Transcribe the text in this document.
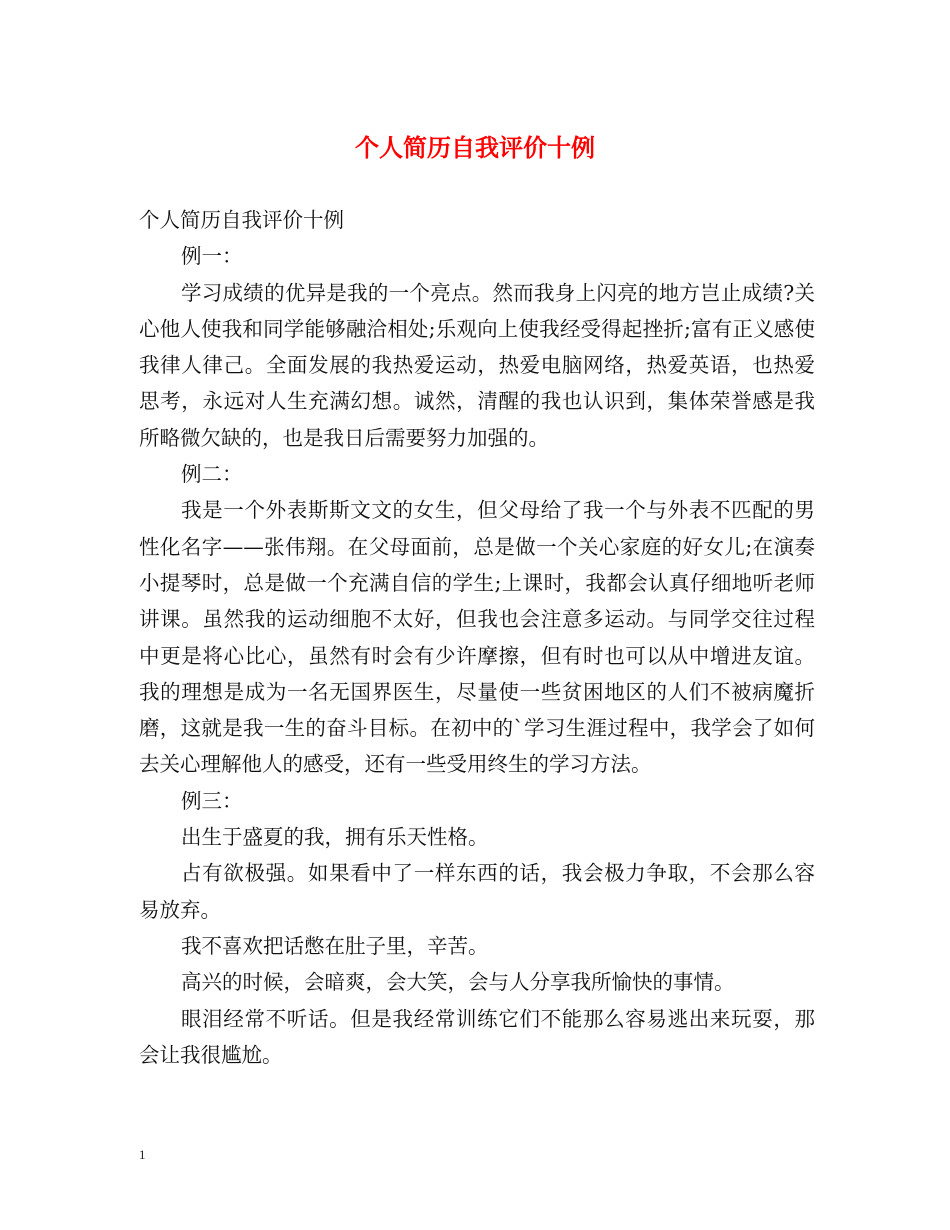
个人简历自我评价十例

个人简历自我评价十例

例一：

学习成绩的优异是我的一个亮点。然而我身上闪亮的地方岂止成绩?关心他人使我和同学能够融洽相处;乐观向上使我经受得起挫折;富有正义感使我律人律己。全面发展的我热爱运动，热爱电脑网络，热爱英语，也热爱思考，永远对人生充满幻想。诚然，清醒的我也认识到，集体荣誉感是我所略微欠缺的，也是我日后需要努力加强的。

例二：

我是一个外表斯斯文文的女生，但父母给了我一个与外表不匹配的男性化名字——张伟翔。在父母面前，总是做一个关心家庭的好女儿;在演奏小提琴时，总是做一个充满自信的学生;上课时，我都会认真仔细地听老师讲课。虽然我的运动细胞不太好，但我也会注意多运动。与同学交往过程中更是将心比心，虽然有时会有少许摩擦，但有时也可以从中增进友谊。我的理想是成为一名无国界医生，尽量使一些贫困地区的人们不被病魔折磨，这就是我一生的奋斗目标。在初中的`学习生涯过程中，我学会了如何去关心理解他人的感受，还有一些受用终生的学习方法。

例三：

出生于盛夏的我，拥有乐天性格。

占有欲极强。如果看中了一样东西的话，我会极力争取，不会那么容易放弃。

我不喜欢把话憋在肚子里，辛苦。

高兴的时候，会暗爽，会大笑，会与人分享我所愉快的事情。

眼泪经常不听话。但是我经常训练它们不能那么容易逃出来玩耍，那会让我很尴尬。

1
